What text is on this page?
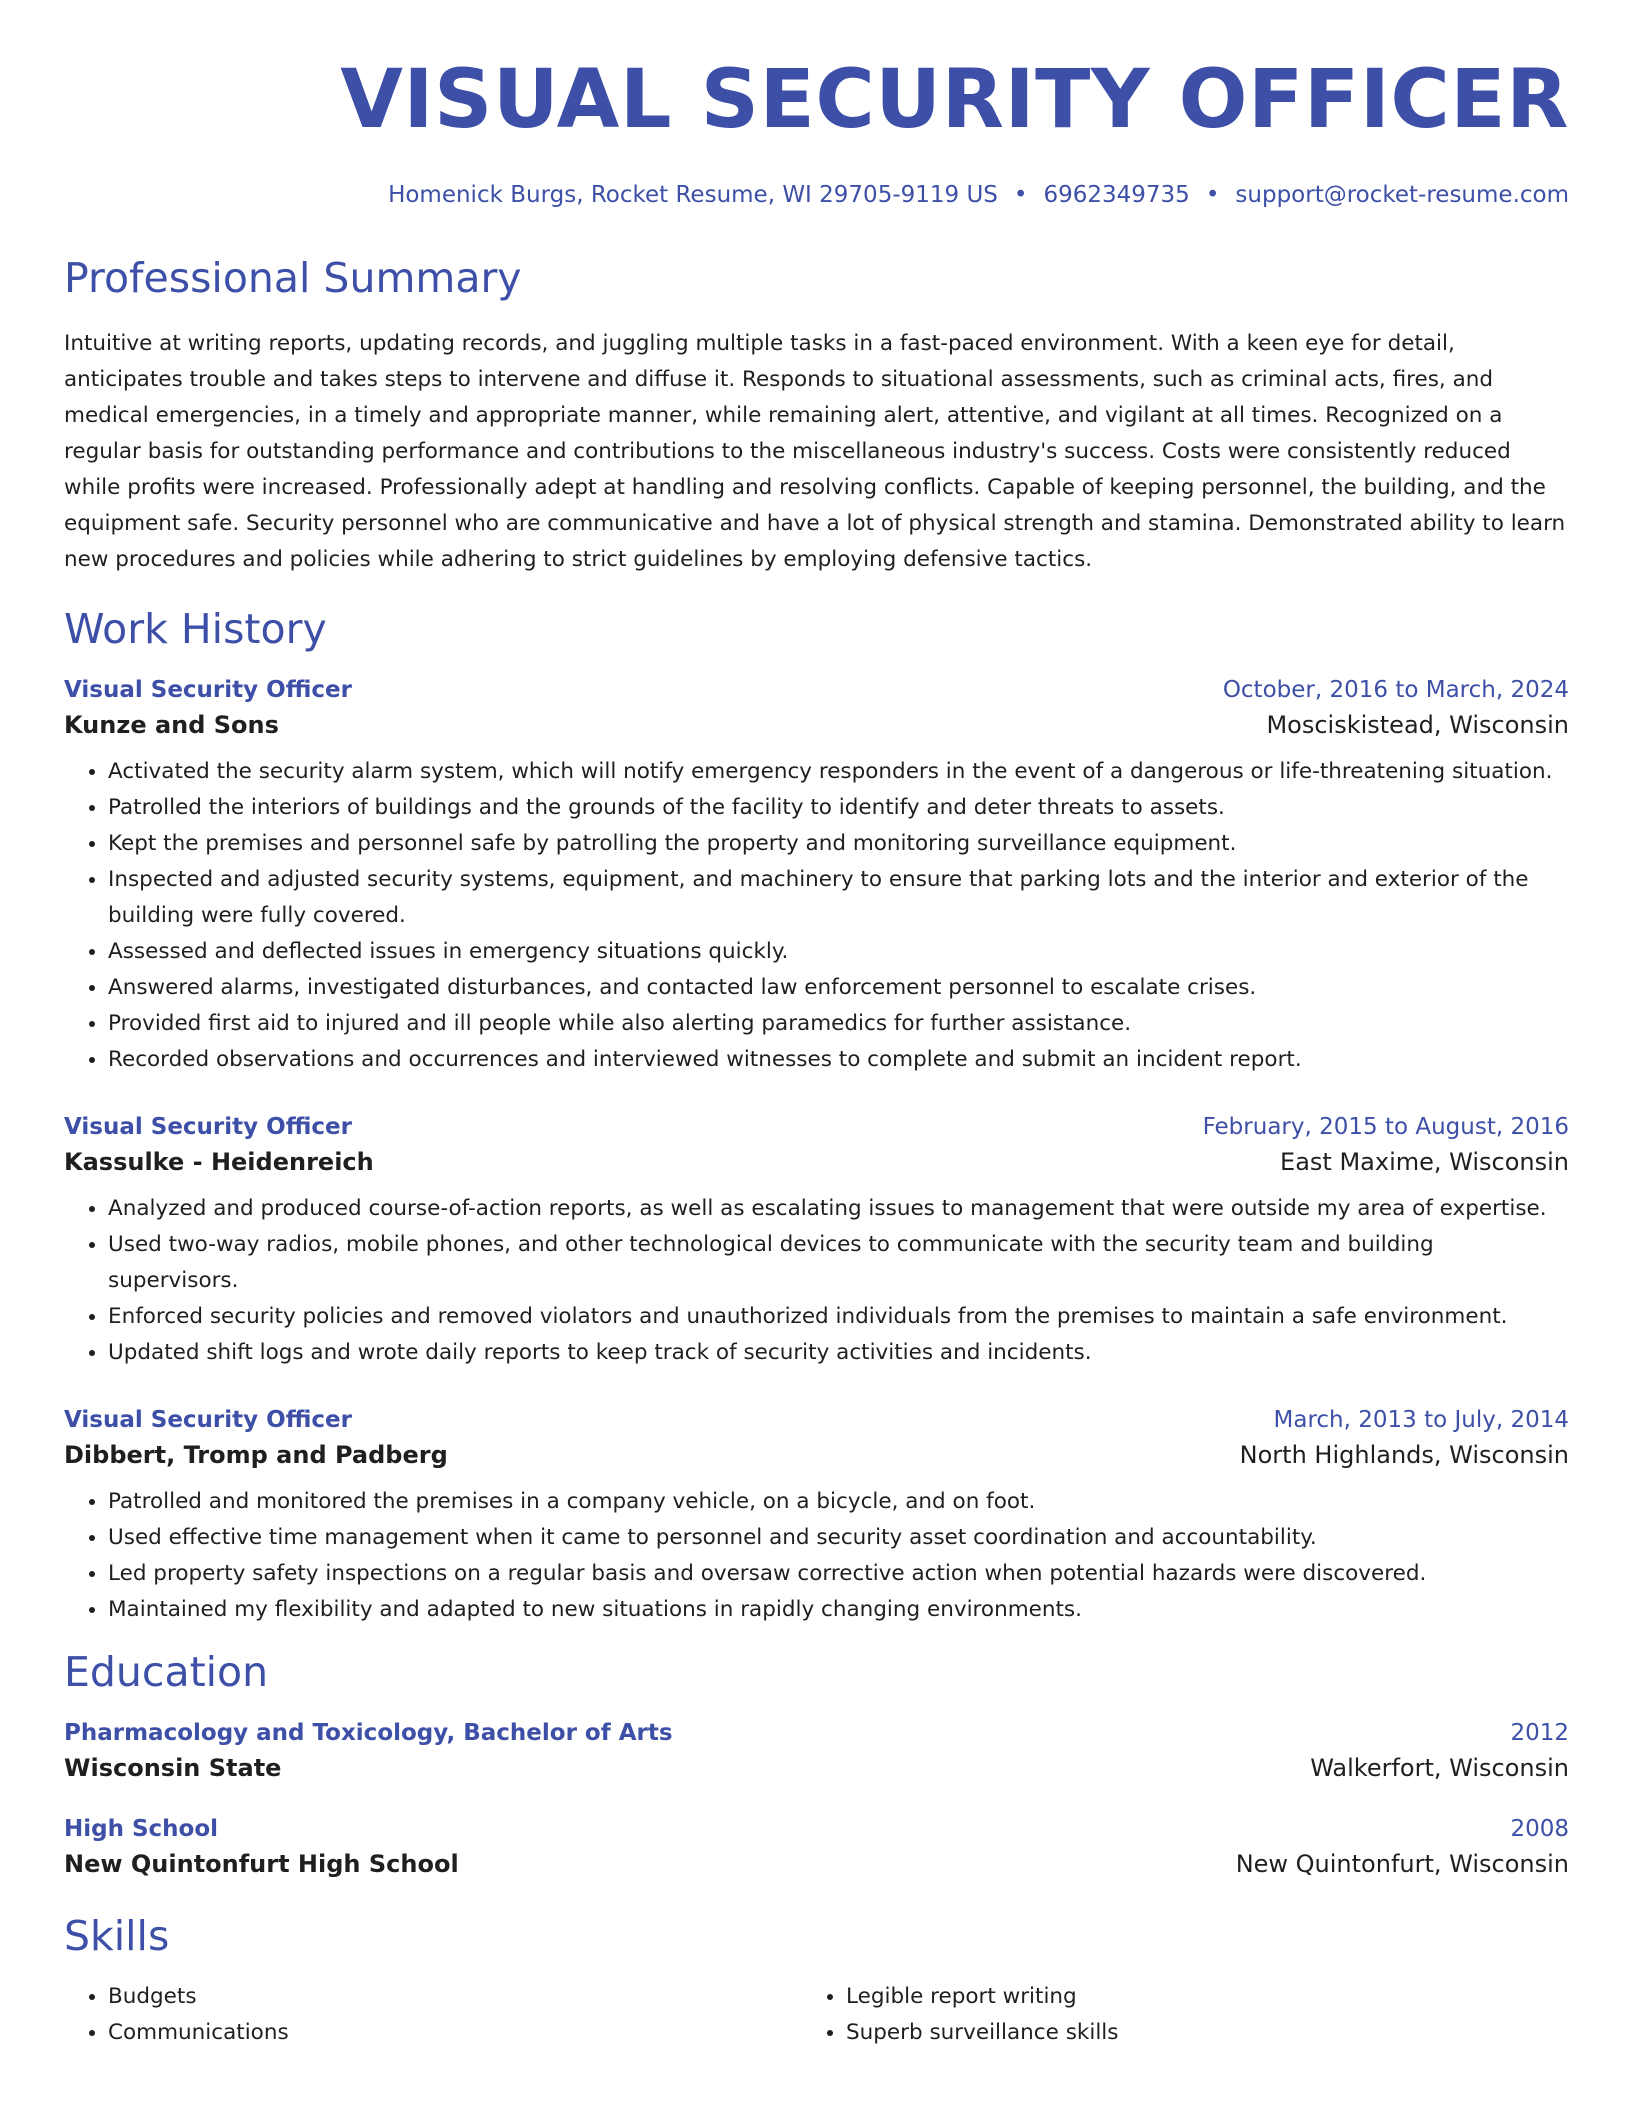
VISUAL SECURITY OFFICER
Homenick Burgs, Rocket Resume, WI 29705-9119 US • 6962349735 • support@rocket-resume.com
Professional Summary
Intuitive at writing reports, updating records, and juggling multiple tasks in a fast-paced environment. With a keen eye for detail, anticipates trouble and takes steps to intervene and diffuse it. Responds to situational assessments, such as criminal acts, fires, and medical emergencies, in a timely and appropriate manner, while remaining alert, attentive, and vigilant at all times. Recognized on a regular basis for outstanding performance and contributions to the miscellaneous industry's success. Costs were consistently reduced while profits were increased. Professionally adept at handling and resolving conflicts. Capable of keeping personnel, the building, and the equipment safe. Security personnel who are communicative and have a lot of physical strength and stamina. Demonstrated ability to learn new procedures and policies while adhering to strict guidelines by employing defensive tactics.
Work History
Visual Security Officer	October, 2016 to March, 2024
Kunze and Sons	Mosciskistead, Wisconsin
• Activated the security alarm system, which will notify emergency responders in the event of a dangerous or life-threatening situation.
• Patrolled the interiors of buildings and the grounds of the facility to identify and deter threats to assets.
• Kept the premises and personnel safe by patrolling the property and monitoring surveillance equipment.
• Inspected and adjusted security systems, equipment, and machinery to ensure that parking lots and the interior and exterior of the building were fully covered.
• Assessed and deflected issues in emergency situations quickly.
• Answered alarms, investigated disturbances, and contacted law enforcement personnel to escalate crises.
• Provided first aid to injured and ill people while also alerting paramedics for further assistance.
• Recorded observations and occurrences and interviewed witnesses to complete and submit an incident report.
Visual Security Officer	February, 2015 to August, 2016
Kassulke - Heidenreich	East Maxime, Wisconsin
• Analyzed and produced course-of-action reports, as well as escalating issues to management that were outside my area of expertise.
• Used two-way radios, mobile phones, and other technological devices to communicate with the security team and building supervisors.
• Enforced security policies and removed violators and unauthorized individuals from the premises to maintain a safe environment.
• Updated shift logs and wrote daily reports to keep track of security activities and incidents.
Visual Security Officer	March, 2013 to July, 2014
Dibbert, Tromp and Padberg	North Highlands, Wisconsin
• Patrolled and monitored the premises in a company vehicle, on a bicycle, and on foot.
• Used effective time management when it came to personnel and security asset coordination and accountability.
• Led property safety inspections on a regular basis and oversaw corrective action when potential hazards were discovered.
• Maintained my flexibility and adapted to new situations in rapidly changing environments.
Education
Pharmacology and Toxicology, Bachelor of Arts	2012
Wisconsin State	Walkerfort, Wisconsin
High School	2008
New Quintonfurt High School	New Quintonfurt, Wisconsin
Skills
• Budgets
• Communications
• Legible report writing
• Superb surveillance skills
